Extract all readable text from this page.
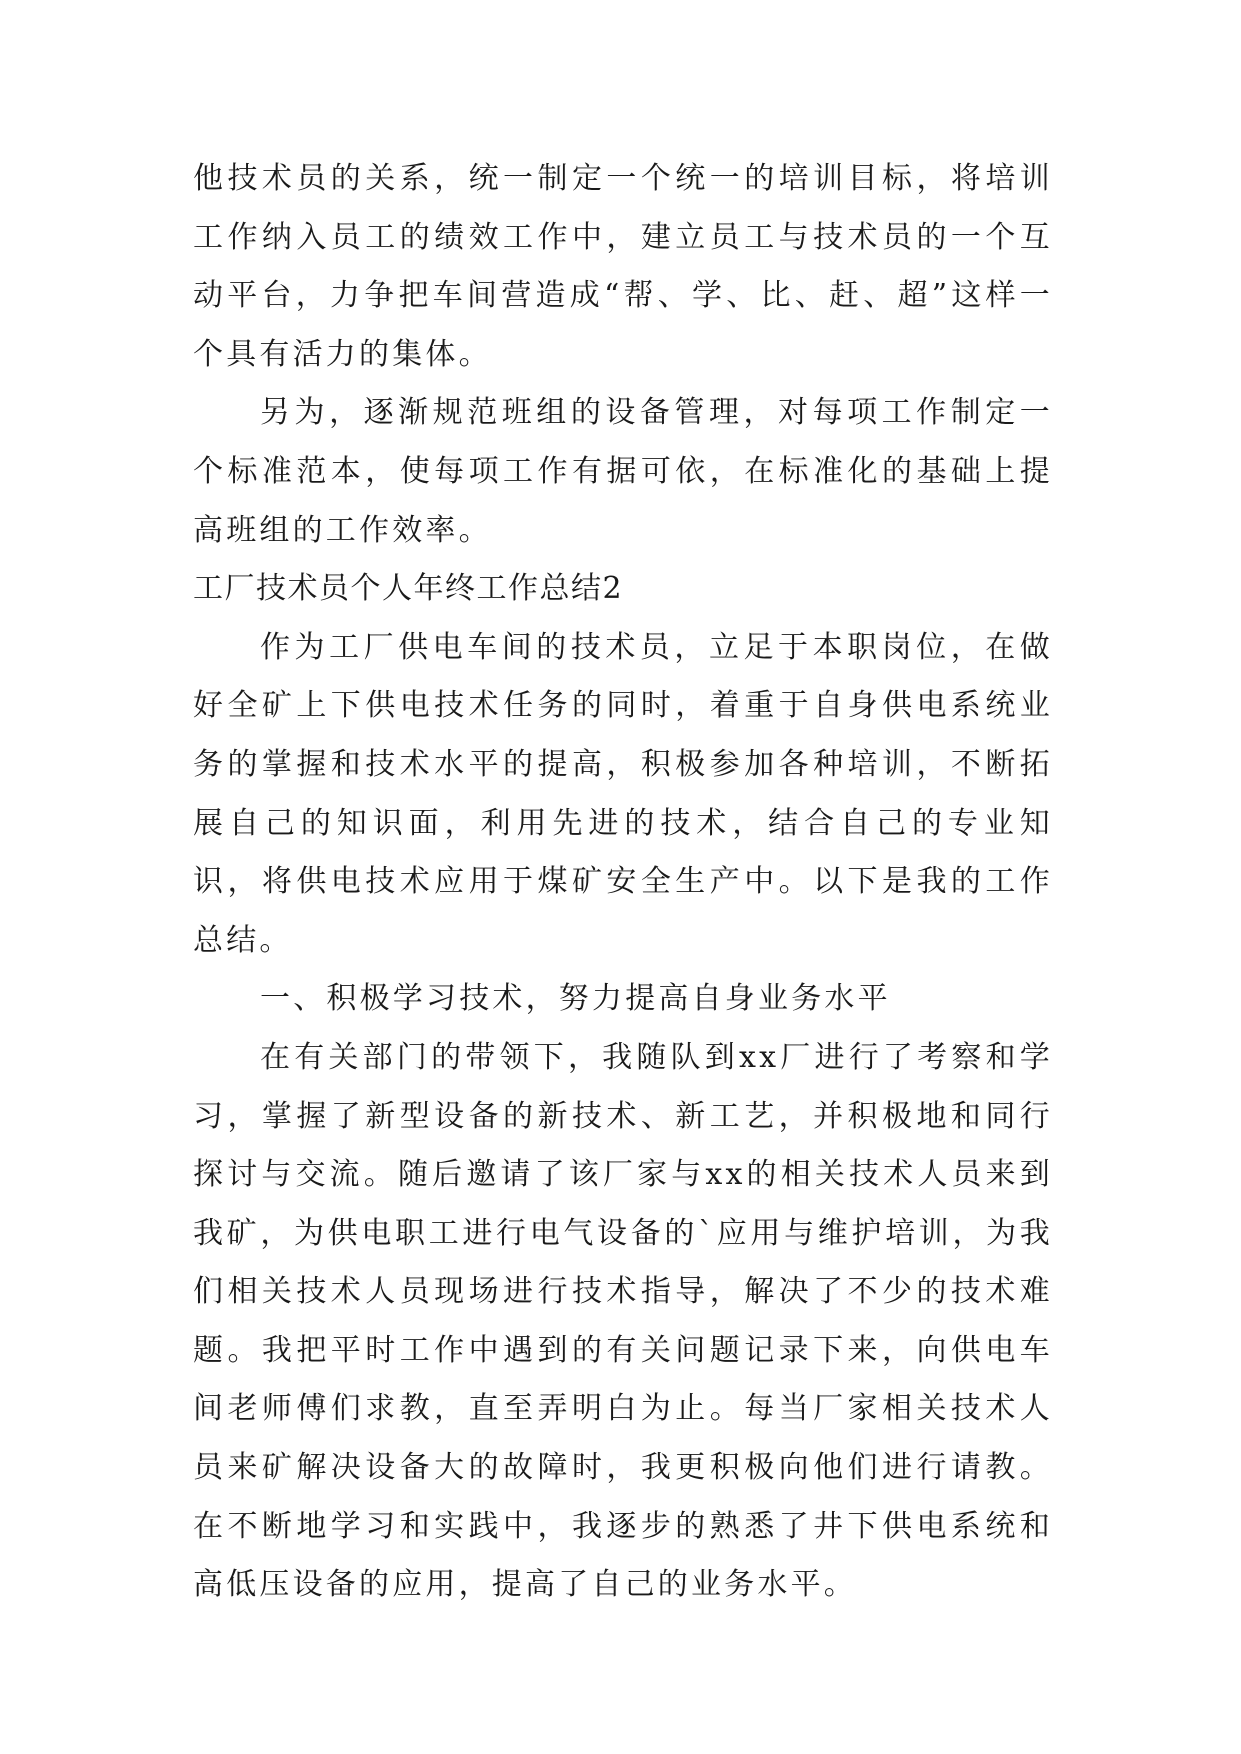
他技术员的关系，统一制定一个统一的培训目标，将培训工作纳入员工的绩效工作中，建立员工与技术员的一个互动平台，力争把车间营造成“帮、学、比、赶、超”这样一个具有活力的集体。

另为，逐渐规范班组的设备管理，对每项工作制定一个标准范本，使每项工作有据可依，在标准化的基础上提高班组的工作效率。

工厂技术员个人年终工作总结2

作为工厂供电车间的技术员，立足于本职岗位，在做好全矿上下供电技术任务的同时，着重于自身供电系统业务的掌握和技术水平的提高，积极参加各种培训，不断拓展自己的知识面，利用先进的技术，结合自己的专业知识，将供电技术应用于煤矿安全生产中。以下是我的工作总结。

一、积极学习技术，努力提高自身业务水平

在有关部门的带领下，我随队到xx厂进行了考察和学习，掌握了新型设备的新技术、新工艺，并积极地和同行探讨与交流。随后邀请了该厂家与xx的相关技术人员来到我矿，为供电职工进行电气设备的`应用与维护培训，为我们相关技术人员现场进行技术指导，解决了不少的技术难题。我把平时工作中遇到的有关问题记录下来，向供电车间老师傅们求教，直至弄明白为止。每当厂家相关技术人员来矿解决设备大的故障时，我更积极向他们进行请教。在不断地学习和实践中，我逐步的熟悉了井下供电系统和高低压设备的应用，提高了自己的业务水平。
